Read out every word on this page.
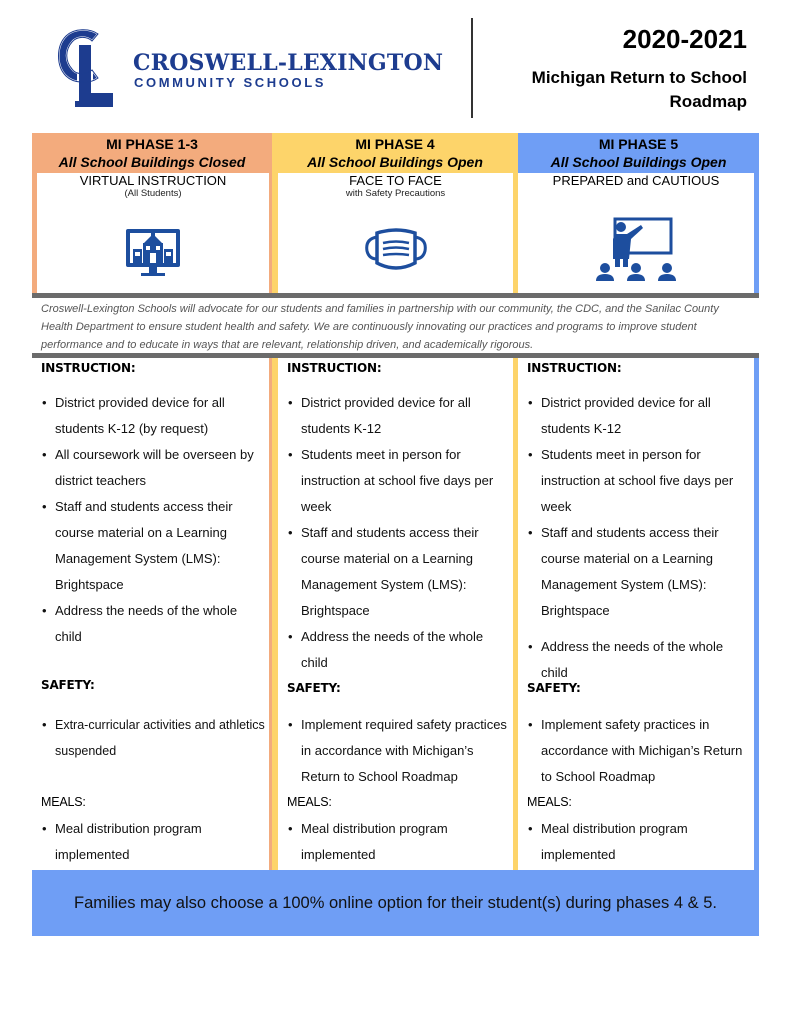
CROSWELL-LEXINGTON
COMMUNITY SCHOOLS
2020-2021
Michigan Return to School Roadmap
MI PHASE 1-3
All School Buildings Closed
MI PHASE 4
All School Buildings Open
MI PHASE 5
All School Buildings Open
VIRTUAL INSTRUCTION
(All Students)
FACE TO FACE
with Safety Precautions
PREPARED and CAUTIOUS
Croswell-Lexington Schools will advocate for our students and families in partnership with our community, the CDC, and the Sanilac County Health Department to ensure student health and safety. We are continuously innovating our practices and programs to improve student performance and to educate in ways that are relevant, relationship driven, and academically rigorous.
INSTRUCTION:
• District provided device for all students K-12 (by request)
• All coursework will be overseen by district teachers
• Staff and students access their course material on a Learning Management System (LMS): Brightspace
• Address the needs of the whole child
SAFETY:
• Extra-curricular activities and athletics suspended
MEALS:
• Meal distribution program implemented
INSTRUCTION:
• District provided device for all students K-12
• Students meet in person for instruction at school five days per week
• Staff and students access their course material on a Learning Management System (LMS): Brightspace
• Address the needs of the whole child
SAFETY:
• Implement required safety practices in accordance with Michigan’s Return to School Roadmap
MEALS:
• Meal distribution program implemented
INSTRUCTION:
• District provided device for all students K-12
• Students meet in person for instruction at school five days per week
• Staff and students access their course material on a Learning Management System (LMS): Brightspace
• Address the needs of the whole child
SAFETY:
• Implement safety practices in accordance with Michigan’s Return to School Roadmap
MEALS:
• Meal distribution program implemented
Families may also choose a 100% online option for their student(s) during phases 4 & 5.
